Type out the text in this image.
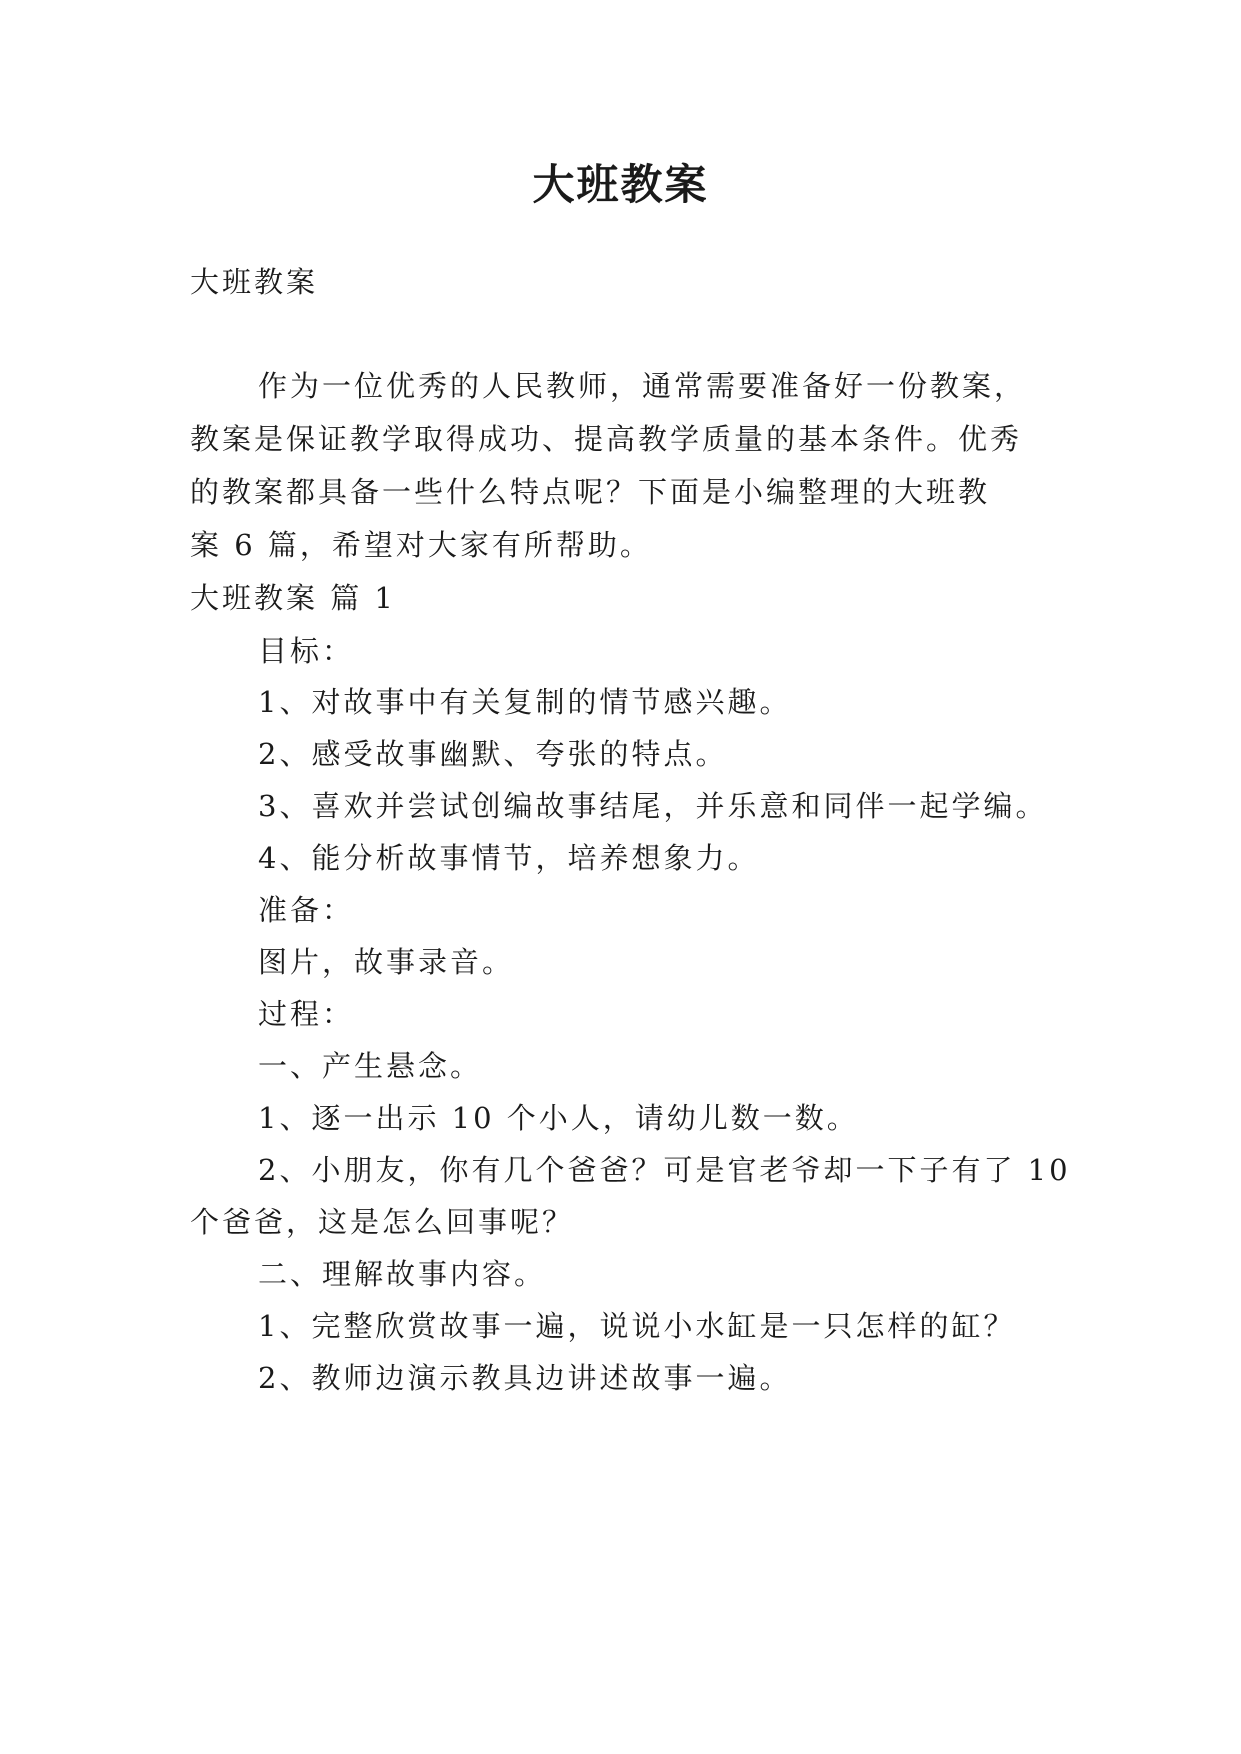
大班教案

大班教案

作为一位优秀的人民教师，通常需要准备好一份教案，

教案是保证教学取得成功、提高教学质量的基本条件。优秀

的教案都具备一些什么特点呢？下面是小编整理的大班教

案 6 篇，希望对大家有所帮助。

大班教案 篇 1

目标：

1、对故事中有关复制的情节感兴趣。

2、感受故事幽默、夸张的特点。

3、喜欢并尝试创编故事结尾，并乐意和同伴一起学编。

4、能分析故事情节，培养想象力。

准备：

图片，故事录音。

过程：

一、产生悬念。

1、逐一出示 10 个小人，请幼儿数一数。

2、小朋友，你有几个爸爸？可是官老爷却一下子有了 10

个爸爸，这是怎么回事呢？

二、理解故事内容。

1、完整欣赏故事一遍，说说小水缸是一只怎样的缸？

2、教师边演示教具边讲述故事一遍。
